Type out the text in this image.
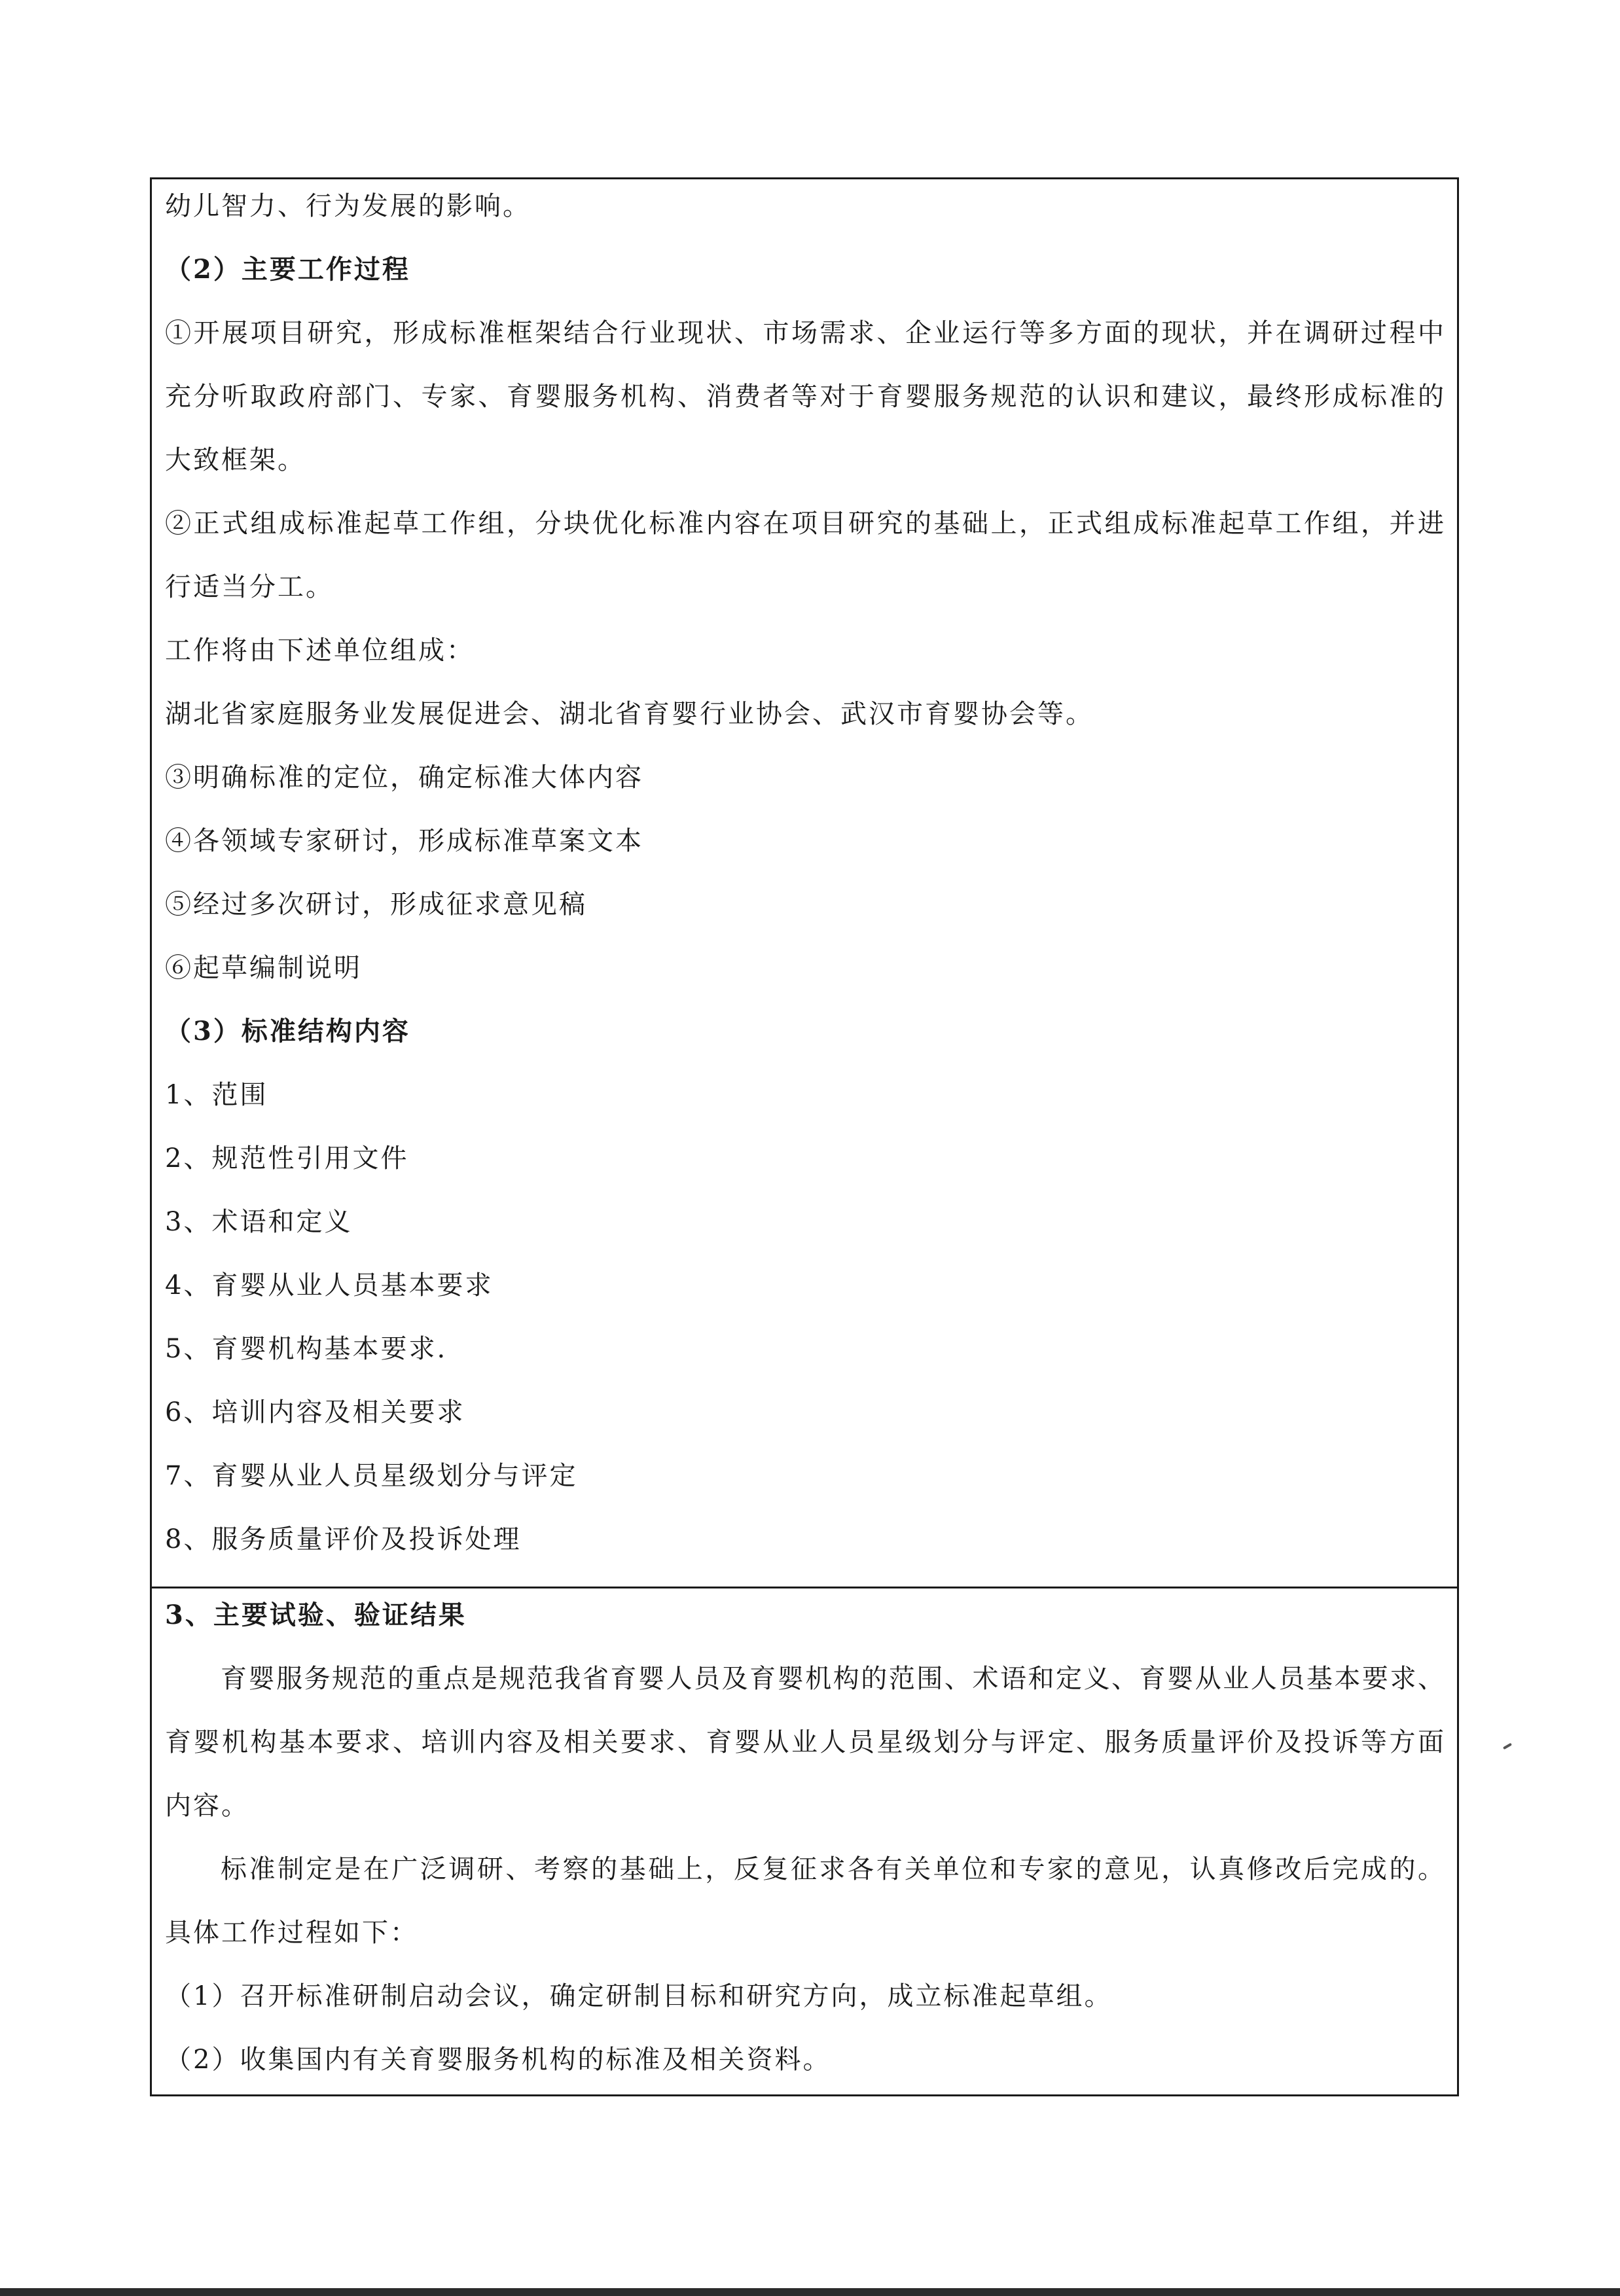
幼儿智力、行为发展的影响。
（2）主要工作过程
①开展项目研究，形成标准框架结合行业现状、市场需求、企业运行等多方面的现状，并在调研过程中
充分听取政府部门、专家、育婴服务机构、消费者等对于育婴服务规范的认识和建议，最终形成标准的
大致框架。
②正式组成标准起草工作组，分块优化标准内容在项目研究的基础上，正式组成标准起草工作组，并进
行适当分工。
工作将由下述单位组成：
湖北省家庭服务业发展促进会、湖北省育婴行业协会、武汉市育婴协会等。
③明确标准的定位，确定标准大体内容
④各领域专家研讨，形成标准草案文本
⑤经过多次研讨，形成征求意见稿
⑥起草编制说明
（3）标准结构内容
1、范围
2、规范性引用文件
3、术语和定义
4、育婴从业人员基本要求
5、育婴机构基本要求.
6、培训内容及相关要求
7、育婴从业人员星级划分与评定
8、服务质量评价及投诉处理
3、主要试验、验证结果
育婴服务规范的重点是规范我省育婴人员及育婴机构的范围、术语和定义、育婴从业人员基本要求、
育婴机构基本要求、培训内容及相关要求、育婴从业人员星级划分与评定、服务质量评价及投诉等方面
内容。
标准制定是在广泛调研、考察的基础上，反复征求各有关单位和专家的意见，认真修改后完成的。
具体工作过程如下：
（1）召开标准研制启动会议，确定研制目标和研究方向，成立标准起草组。
（2）收集国内有关育婴服务机构的标准及相关资料。
